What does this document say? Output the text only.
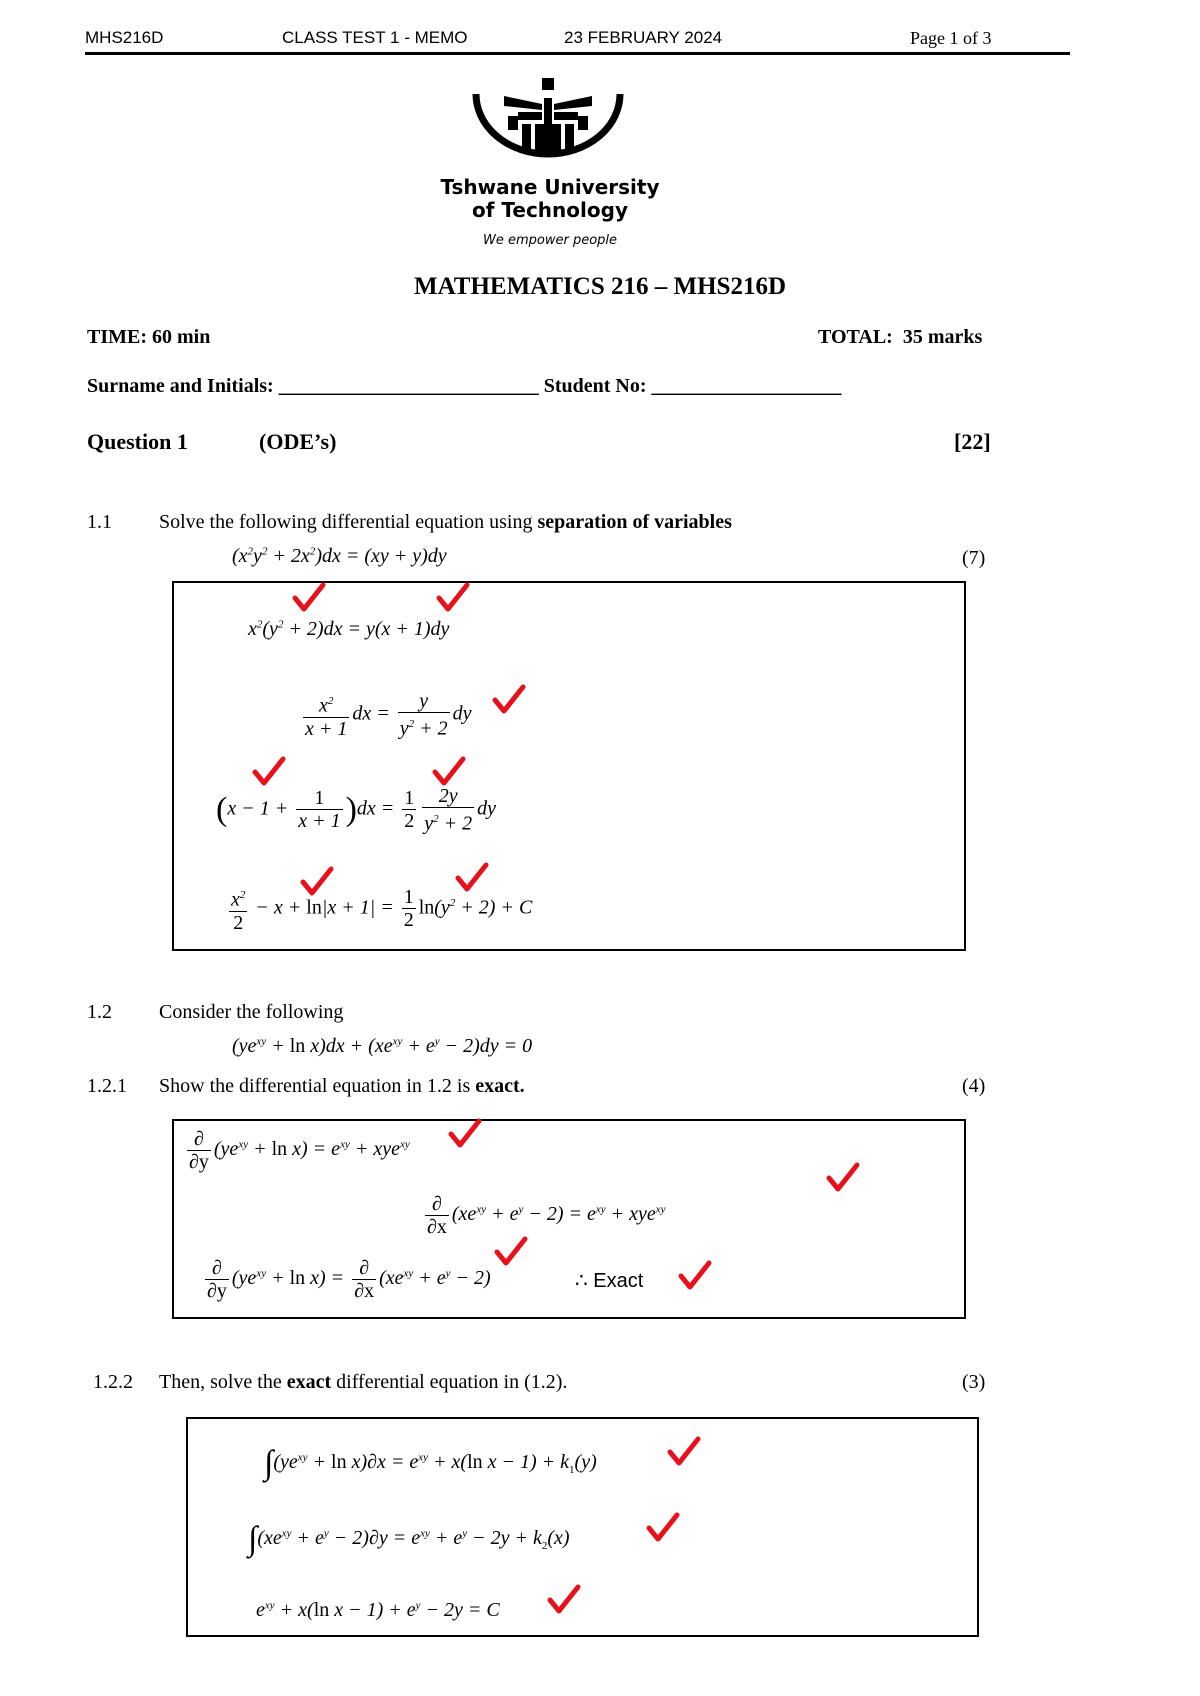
MHS216D	CLASS TEST 1 - MEMO	23 FEBRUARY 2024	Page 1 of 3
Tshwane University
of Technology
We empower people
MATHEMATICS 216 – MHS216D
TIME: 60 min	TOTAL:  35 marks
Surname and Initials: __________________________ Student No: ___________________
Question 1	(ODE’s)	[22]
1.1 Solve the following differential equation using separation of variables
$(x^2y^2 + 2x^2)dx = (xy + y)dy$	(7)
$x^2(y^2 + 2)dx = y(x + 1)dy$
$\frac{x^2}{x + 1}$ dx = $\frac{y}{y^2 + 2}$ dy
$(x - 1 + \frac{1}{x + 1} )dx = \frac{1}{2} \frac{2y}{y^2 + 2}$ dy
$\frac{x^2}{2} - x + \ln|x + 1| = \frac{1}{2} \ln(y^2 + 2) + C$
1.2 Consider the following
$(ye^{xy} + \ln x)dx + (xe^{xy} + e^y - 2)dy = 0$
1.2.1 Show the differential equation in 1.2 is exact.	(4)
$\frac{\partial}{\partial y} (ye^{xy} + \ln x) = e^{xy} + xye^{xy}$
$\frac{\partial}{\partial x} (xe^{xy} + e^y - 2) = e^{xy} + xye^{xy}$
$\frac{\partial}{\partial y} (ye^{xy} + \ln x) = \frac{\partial}{\partial x} (xe^{xy} + e^y - 2)$	∴ Exact
1.2.2 Then, solve the exact differential equation in (1.2).	(3)
$\int(ye^{xy} + \ln x)\partial x = e^{xy} + x(\ln$ $x - 1) + k_1(y)$
$\int(xe^{xy} + e^y - 2)\partial y = e^{xy} + e^y - 2y + k_2(x)$
$e^{xy} + x(\ln$ $x - 1) + e^y - 2y = C$
